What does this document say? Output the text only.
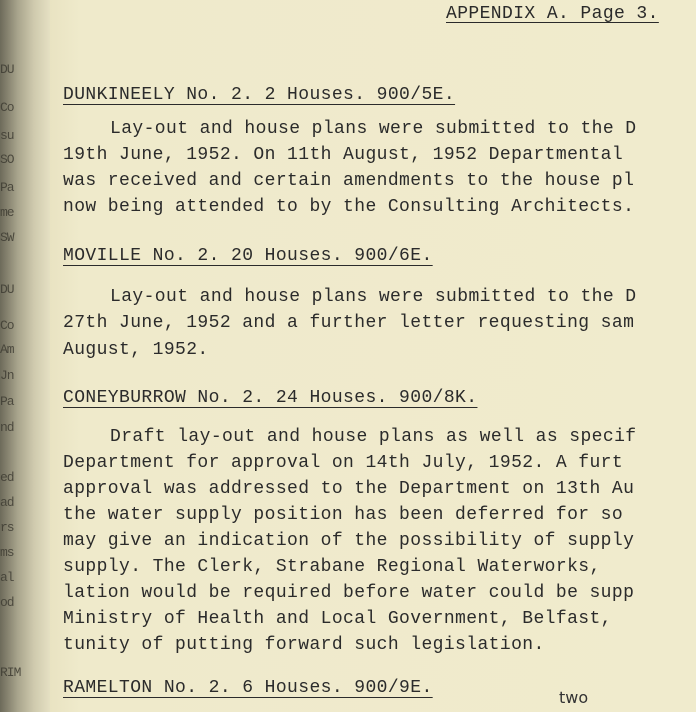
DU
Co
su
SO
Pa
me
SW
DU
Co
Am
Jn
Pa
nd
ed
ad
rs
ms
al
od
RIM
APPENDIX A. Page 3.
DUNKINEELY No. 2. 2 Houses. 900/5E.
Lay-out and house plans were submitted to the D
19th June, 1952. On 11th August, 1952 Departmental
was received and certain amendments to the house pl
now being attended to by the Consulting Architects.
MOVILLE No. 2. 20 Houses. 900/6E.
Lay-out and house plans were submitted to the D
27th June, 1952 and a further letter requesting sam
August, 1952.
CONEYBURROW No. 2. 24 Houses. 900/8K.
Draft lay-out and house plans as well as specif
Department for approval on 14th July, 1952. A furt
approval was addressed to the Department on 13th Au
the water supply position has been deferred for so
may give an indication of the possibility of supply
supply. The Clerk, Strabane Regional Waterworks,
lation would be required before water could be supp
Ministry of Health and Local Government, Belfast,
tunity of putting forward such legislation.
RAMELTON No. 2. 6 Houses. 900/9E.	two
